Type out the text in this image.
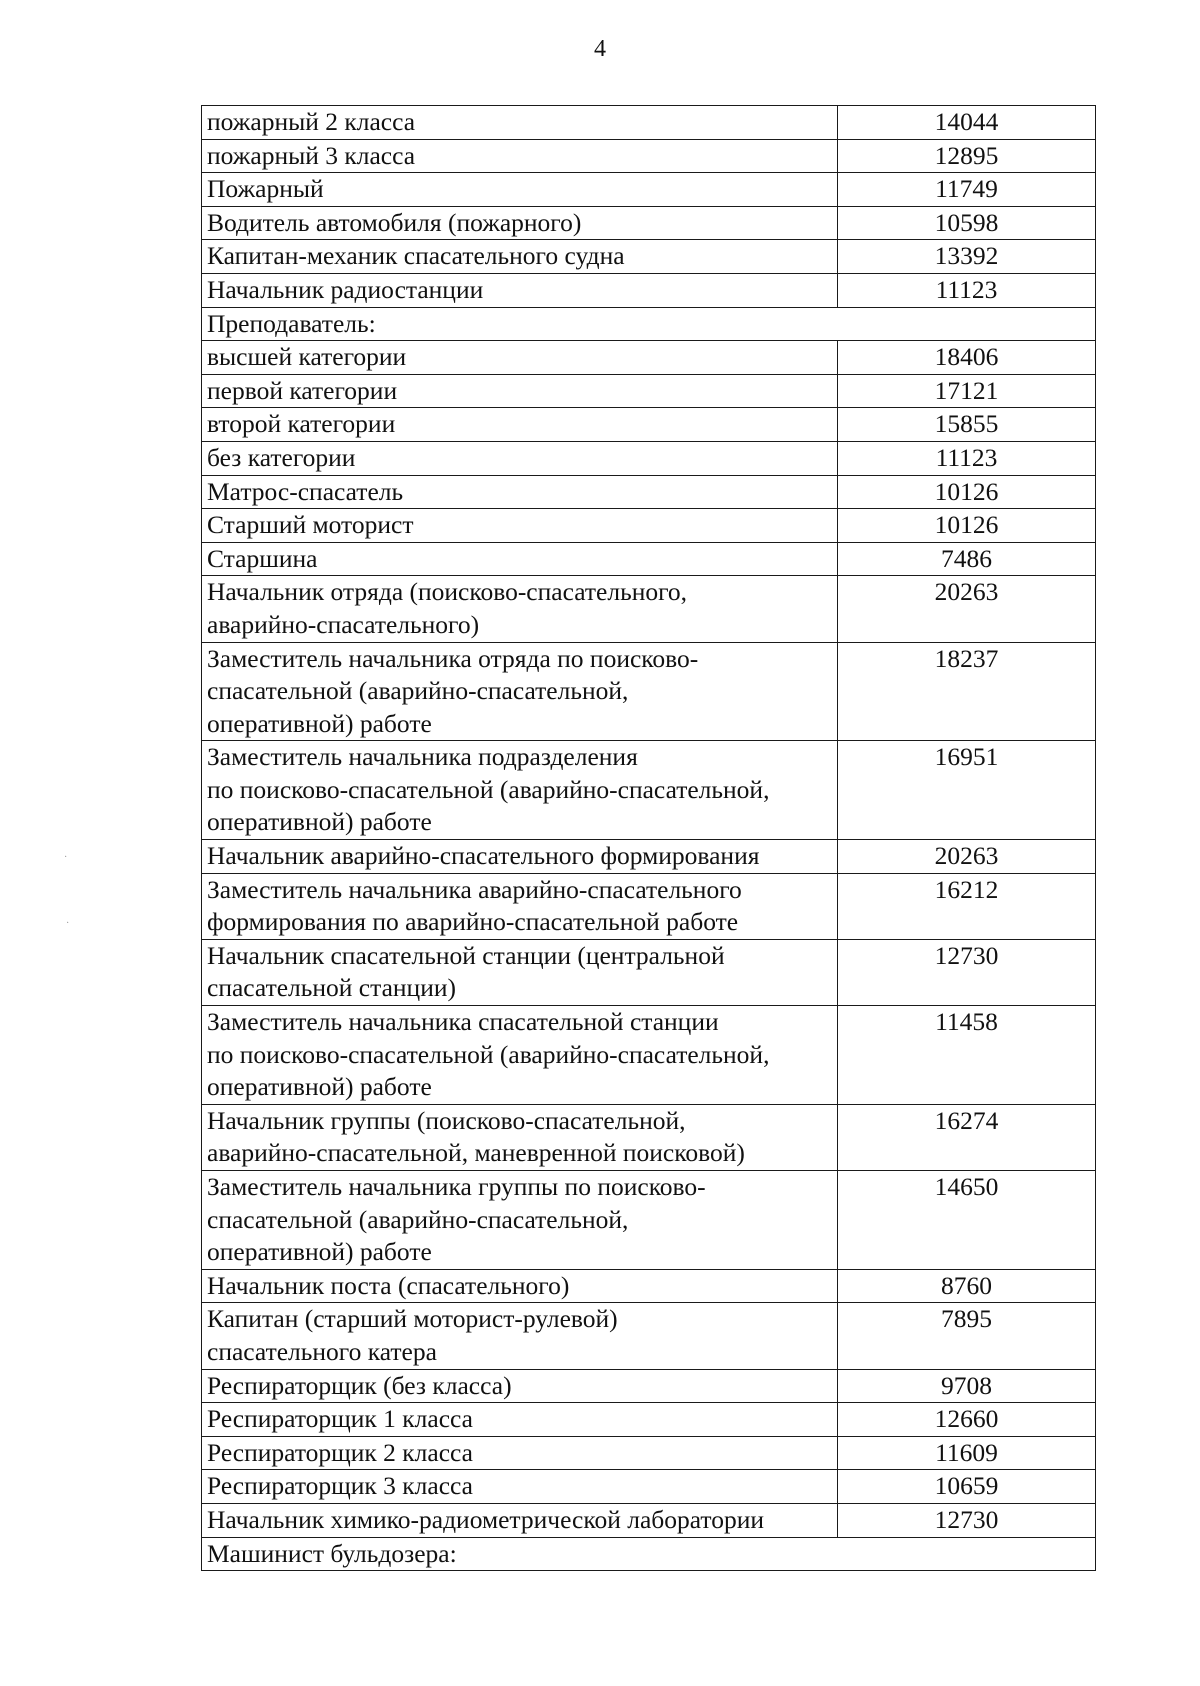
4
пожарный 2 класса	14044
пожарный 3 класса	12895
Пожарный	11749
Водитель автомобиля (пожарного)	10598
Капитан-механик спасательного судна	13392
Начальник радиостанции	11123
Преподаватель:	
высшей категории	18406
первой категории	17121
второй категории	15855
без категории	11123
Матрос-спасатель	10126
Старший моторист	10126
Старшина	7486
Начальник отряда (поисково-спасательного,
аварийно-спасательного)	20263
Заместитель начальника отряда по поисково-
спасательной (аварийно-спасательной,
оперативной) работе	18237
Заместитель начальника подразделения
по поисково-спасательной (аварийно-спасательной,
оперативной) работе	16951
Начальник аварийно-спасательного формирования	20263
Заместитель начальника аварийно-спасательного
формирования по аварийно-спасательной работе	16212
Начальник спасательной станции (центральной
спасательной станции)	12730
Заместитель начальника спасательной станции
по поисково-спасательной (аварийно-спасательной,
оперативной) работе	11458
Начальник группы (поисково-спасательной,
аварийно-спасательной, маневренной поисковой)	16274
Заместитель начальника группы по поисково-
спасательной (аварийно-спасательной,
оперативной) работе	14650
Начальник поста (спасательного)	8760
Капитан (старший моторист-рулевой)
спасательного катера	7895
Респираторщик (без класса)	9708
Респираторщик 1 класса	12660
Респираторщик 2 класса	11609
Респираторщик 3 класса	10659
Начальник химико-радиометрической лаборатории	12730
Машинист бульдозера:	
·
·
